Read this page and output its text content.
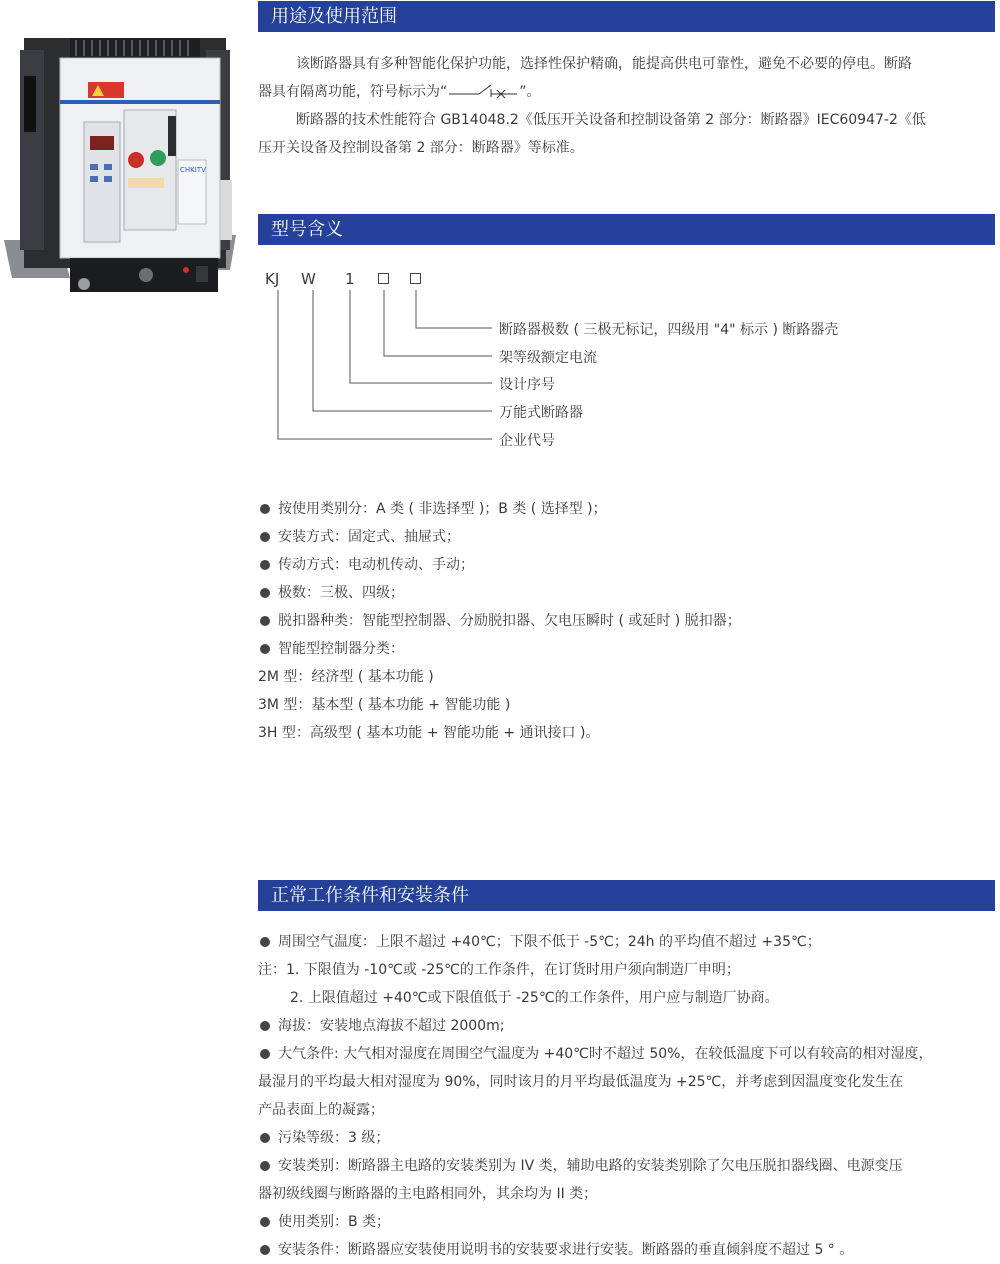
CHKITV
用途及使用范围
该断路器具有多种智能化保护功能，选择性保护精确，能提高供电可靠性，避免不必要的停电。断路
器具有隔离功能，符号标示为“	”。
断路器的技术性能符合 GB14048.2《低压开关设备和控制设备第 2 部分：断路器》IEC60947-2《低
压开关设备及控制设备第 2 部分：断路器》等标准。
型号含义
KJ W 1
断路器极数 ( 三极无标记，四级用 "4" 标示 ) 断路器壳
架等级额定电流
设计序号
万能式断路器
企业代号
按使用类别分：A 类 ( 非选择型 )；B 类 ( 选择型 )；
安装方式：固定式、抽屉式；
传动方式：电动机传动、手动；
极数：三极、四级；
脱扣器种类：智能型控制器、分励脱扣器、欠电压瞬时 ( 或延时 ) 脱扣器；
智能型控制器分类：
2M 型：经济型 ( 基本功能 )
3M 型：基本型 ( 基本功能 + 智能功能 )
3H 型：高级型 ( 基本功能 + 智能功能 + 通讯接口 )。
正常工作条件和安装条件
周围空气温度：上限不超过 +40℃；下限不低于 -5℃；24h 的平均值不超过 +35℃；
注：1. 下限值为 -10℃或 -25℃的工作条件，在订货时用户须向制造厂申明；
2. 上限值超过 +40℃或下限值低于 -25℃的工作条件，用户应与制造厂协商。
海拔：安装地点海拔不超过 2000m;
大气条件: 大气相对湿度在周围空气温度为 +40℃时不超过 50%，在较低温度下可以有较高的相对湿度，
最湿月的平均最大相对湿度为 90%，同时该月的月平均最低温度为 +25℃，并考虑到因温度变化发生在
产品表面上的凝露；
污染等级：3 级；
安装类别：断路器主电路的安装类别为 IV 类，辅助电路的安装类别除了欠电压脱扣器线圈、电源变压
器初级线圈与断路器的主电路相同外，其余均为 II 类；
使用类别：B 类；
安装条件：断路器应安装使用说明书的安装要求进行安装。断路器的垂直倾斜度不超过 5 ° 。
